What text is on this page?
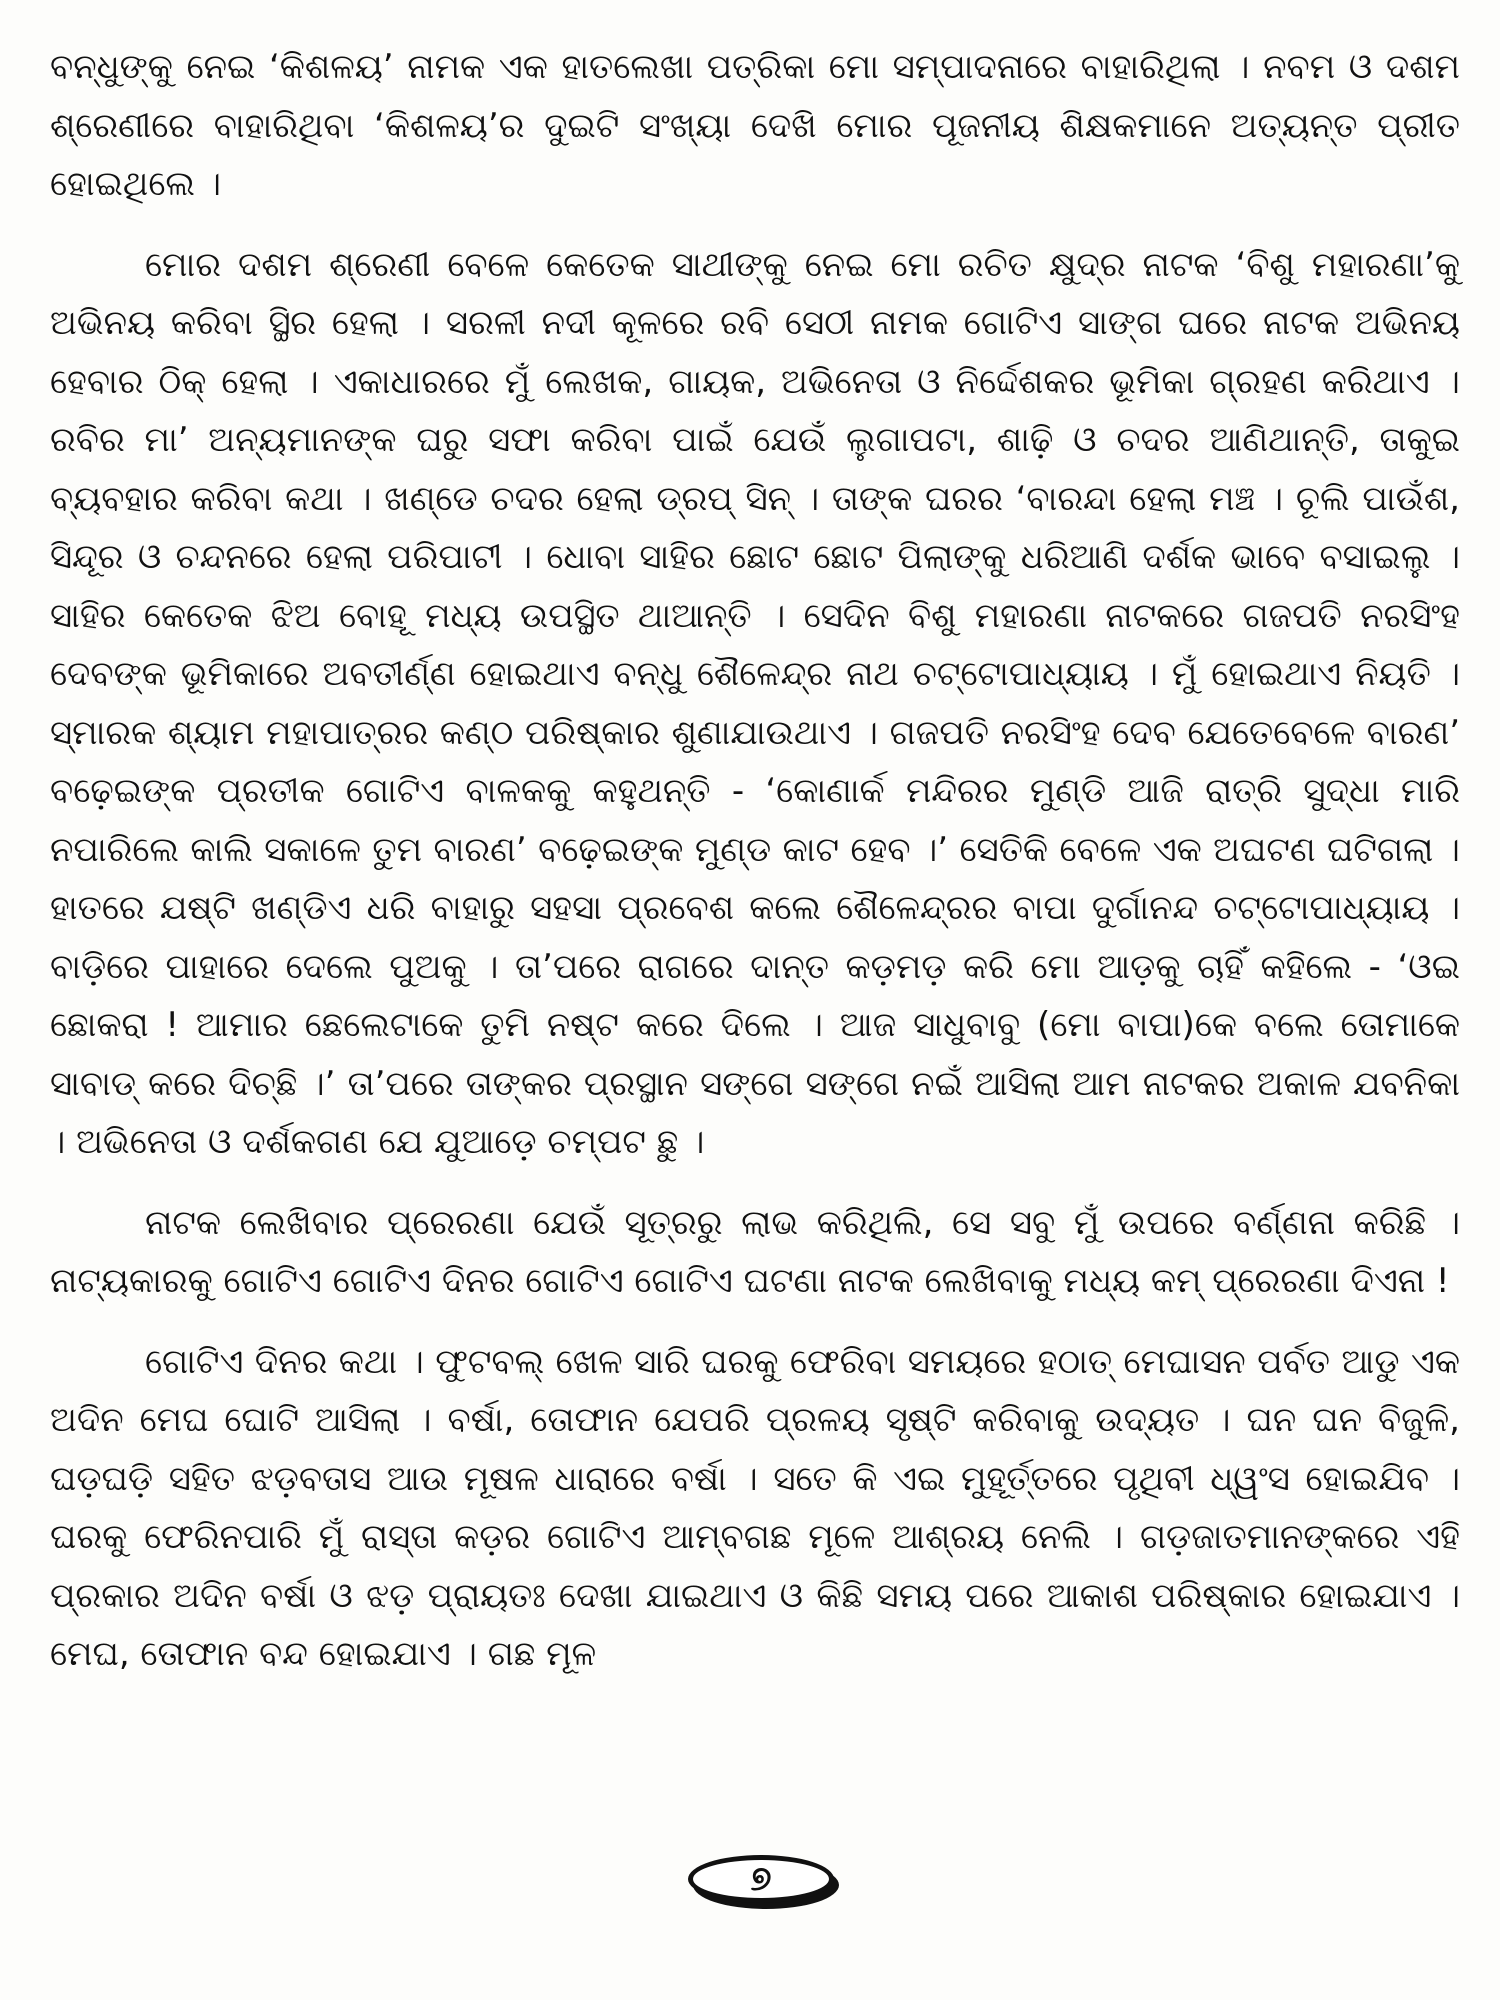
ବନ୍ଧୁଙ୍କୁ ନେଇ ‘କିଶଳୟ’ ନାମକ ଏକ ହାତଲେଖା ପତ୍ରିକା ମୋ ସମ୍ପାଦନାରେ ବାହାରିଥିଲା । ନବମ ଓ ଦଶମ ଶ୍ରେଣୀରେ ବାହାରିଥିବା ‘କିଶଳୟ’ର ଦୁଇଟି ସଂଖ୍ୟା ଦେଖି ମୋର ପୂଜନୀୟ ଶିକ୍ଷକମାନେ ଅତ୍ୟନ୍ତ ପ୍ରୀତ ହୋଇଥିଲେ ।

ମୋର ଦଶମ ଶ୍ରେଣୀ ବେଳେ କେତେକ ସାଥୀଙ୍କୁ ନେଇ ମୋ ରଚିତ କ୍ଷୁଦ୍ର ନାଟକ ‘ବିଶୁ ମହାରଣା’କୁ ଅଭିନୟ କରିବା ସ୍ଥିର ହେଲା । ସରଳୀ ନଦୀ କୂଳରେ ରବି ସେଠୀ ନାମକ ଗୋଟିଏ ସାଙ୍ଗ ଘରେ ନାଟକ ଅଭିନୟ ହେବାର ଠିକ୍ ହେଲା । ଏକାଧାରରେ ମୁଁ ଲେଖକ, ଗାୟକ, ଅଭିନେତା ଓ ନିର୍ଦ୍ଦେଶକର ଭୂମିକା ଗ୍ରହଣ କରିଥାଏ । ରବିର ମା’ ଅନ୍ୟମାନଙ୍କ ଘରୁ ସଫା କରିବା ପାଇଁ ଯେଉଁ ଲୁଗାପଟା, ଶାଢ଼ି ଓ ଚଦର ଆଣିଥାନ୍ତି, ତାକୁଇ ବ୍ୟବହାର କରିବା କଥା । ଖଣ୍ଡେ ଚଦର ହେଲା ଡ୍ରପ୍ ସିନ୍ । ତାଙ୍କ ଘରର ‘ବାରନ୍ଦା ହେଲା ମଞ୍ଚ । ଚୂଲି ପାଉଁଶ, ସିନ୍ଦୂର ଓ ଚନ୍ଦନରେ ହେଲା ପରିପାଟୀ । ଧୋବା ସାହିର ଛୋଟ ଛୋଟ ପିଲାଙ୍କୁ ଧରିଆଣି ଦର୍ଶକ ଭାବେ ବସାଇଲୁ । ସାହିର କେତେକ ଝିଅ ବୋହୂ ମଧ୍ୟ ଉପସ୍ଥିତ ଥାଆନ୍ତି । ସେଦିନ ବିଶୁ ମହାରଣା ନାଟକରେ ଗଜପତି ନରସିଂହ ଦେବଙ୍କ ଭୂମିକାରେ ଅବତୀର୍ଣ୍ଣ ହୋଇଥାଏ ବନ୍ଧୁ ଶୈଳେନ୍ଦ୍ର ନାଥ ଚଟ୍ଟୋପାଧ୍ୟାୟ । ମୁଁ ହୋଇଥାଏ ନିୟତି । ସ୍ମାରକ ଶ୍ୟାମ ମହାପାତ୍ରର କଣ୍ଠ ପରିଷ୍କାର ଶୁଣାଯାଉଥାଏ । ଗଜପତି ନରସିଂହ ଦେବ ଯେତେବେଳେ ବାରଣ’ ବଢ଼େଇଙ୍କ ପ୍ରତୀକ ଗୋଟିଏ ବାଳକକୁ କହୁଥନ୍ତି - ‘କୋଣାର୍କ ମନ୍ଦିରର ମୁଣ୍ଡି ଆଜି ରାତ୍ରି ସୁଦ୍ଧା ମାରି ନପାରିଲେ କାଲି ସକାଳେ ତୁମ ବାରଣ’ ବଢ଼େଇଙ୍କ ମୁଣ୍ଡ କାଟ ହେବ ।’ ସେତିକି ବେଳେ ଏକ ଅଘଟଣ ଘଟିଗଲା । ହାତରେ ଯଷ୍ଟି ଖଣ୍ଡିଏ ଧରି ବାହାରୁ ସହସା ପ୍ରବେଶ କଲେ ଶୈଳେନ୍ଦ୍ରର ବାପା ଦୁର୍ଗାନନ୍ଦ ଚଟ୍ଟୋପାଧ୍ୟାୟ । ବାଡ଼ିରେ ପାହାରେ ଦେଲେ ପୁଅକୁ । ତା’ପରେ ରାଗରେ ଦାନ୍ତ କଡ଼ମଡ଼ କରି ମୋ ଆଡ଼କୁ ଚାହିଁ କହିଲେ - ‘ଓଇ ଛୋକରା ! ଆମାର ଛେଲେଟାକେ ତୁମି ନଷ୍ଟ କରେ ଦିଲେ । ଆଜ ସାଧୁବାବୁ (ମୋ ବାପା)କେ ବଲେ ତୋମାକେ ସାବାଡ୍ କରେ ଦିଚ୍ଛି ।’ ତା’ପରେ ତାଙ୍କର ପ୍ରସ୍ଥାନ ସଙ୍ଗେ ସଙ୍ଗେ ନଇଁ ଆସିଲା ଆମ ନାଟକର ଅକାଳ ଯବନିକା । ଅଭିନେତା ଓ ଦର୍ଶକଗଣ ଯେ ଯୁଆଡ଼େ ଚମ୍ପଟ ଛୁ ।

ନାଟକ ଲେଖିବାର ପ୍ରେରଣା ଯେଉଁ ସୂତ୍ରରୁ ଲାଭ କରିଥିଲି, ସେ ସବୁ ମୁଁ ଉପରେ ବର୍ଣ୍ଣନା କରିଛି । ନାଟ୍ୟକାରକୁ ଗୋଟିଏ ଗୋଟିଏ ଦିନର ଗୋଟିଏ ଗୋଟିଏ ଘଟଣା ନାଟକ ଲେଖିବାକୁ ମଧ୍ୟ କମ୍ ପ୍ରେରଣା ଦିଏନା !

ଗୋଟିଏ ଦିନର କଥା । ଫୁଟବଲ୍ ଖେଳ ସାରି ଘରକୁ ଫେରିବା ସମୟରେ ହଠାତ୍ ମେଘାସନ ପର୍ବତ ଆଡୁ ଏକ ଅଦିନ ମେଘ ଘୋଟି ଆସିଲା । ବର୍ଷା, ତୋଫାନ ଯେପରି ପ୍ରଳୟ ସୃଷ୍ଟି କରିବାକୁ ଉଦ୍ୟତ । ଘନ ଘନ ବିଜୁଳି, ଘଡ଼ଘଡ଼ି ସହିତ ଝଡ଼ବତାସ ଆଉ ମୂଷଳ ଧାରାରେ ବର୍ଷା । ସତେ କି ଏଇ ମୁହୂର୍ତ୍ତରେ ପୃଥିବୀ ଧ୍ୱଂସ ହୋଇଯିବ । ଘରକୁ ଫେରିନପାରି ମୁଁ ରାସ୍ତା କଡ଼ର ଗୋଟିଏ ଆମ୍ବଗଛ ମୂଳେ ଆଶ୍ରୟ ନେଲି । ଗଡ଼ଜାତମାନଙ୍କରେ ଏହି ପ୍ରକାର ଅଦିନ ବର୍ଷା ଓ ଝଡ଼ ପ୍ରାୟତଃ ଦେଖା ଯାଇଥାଏ ଓ କିଛି ସମୟ ପରେ ଆକାଶ ପରିଷ୍କାର ହୋଇଯାଏ । ମେଘ, ତୋଫାନ ବନ୍ଦ ହୋଇଯାଏ । ଗଛ ମୂଳ

୭
